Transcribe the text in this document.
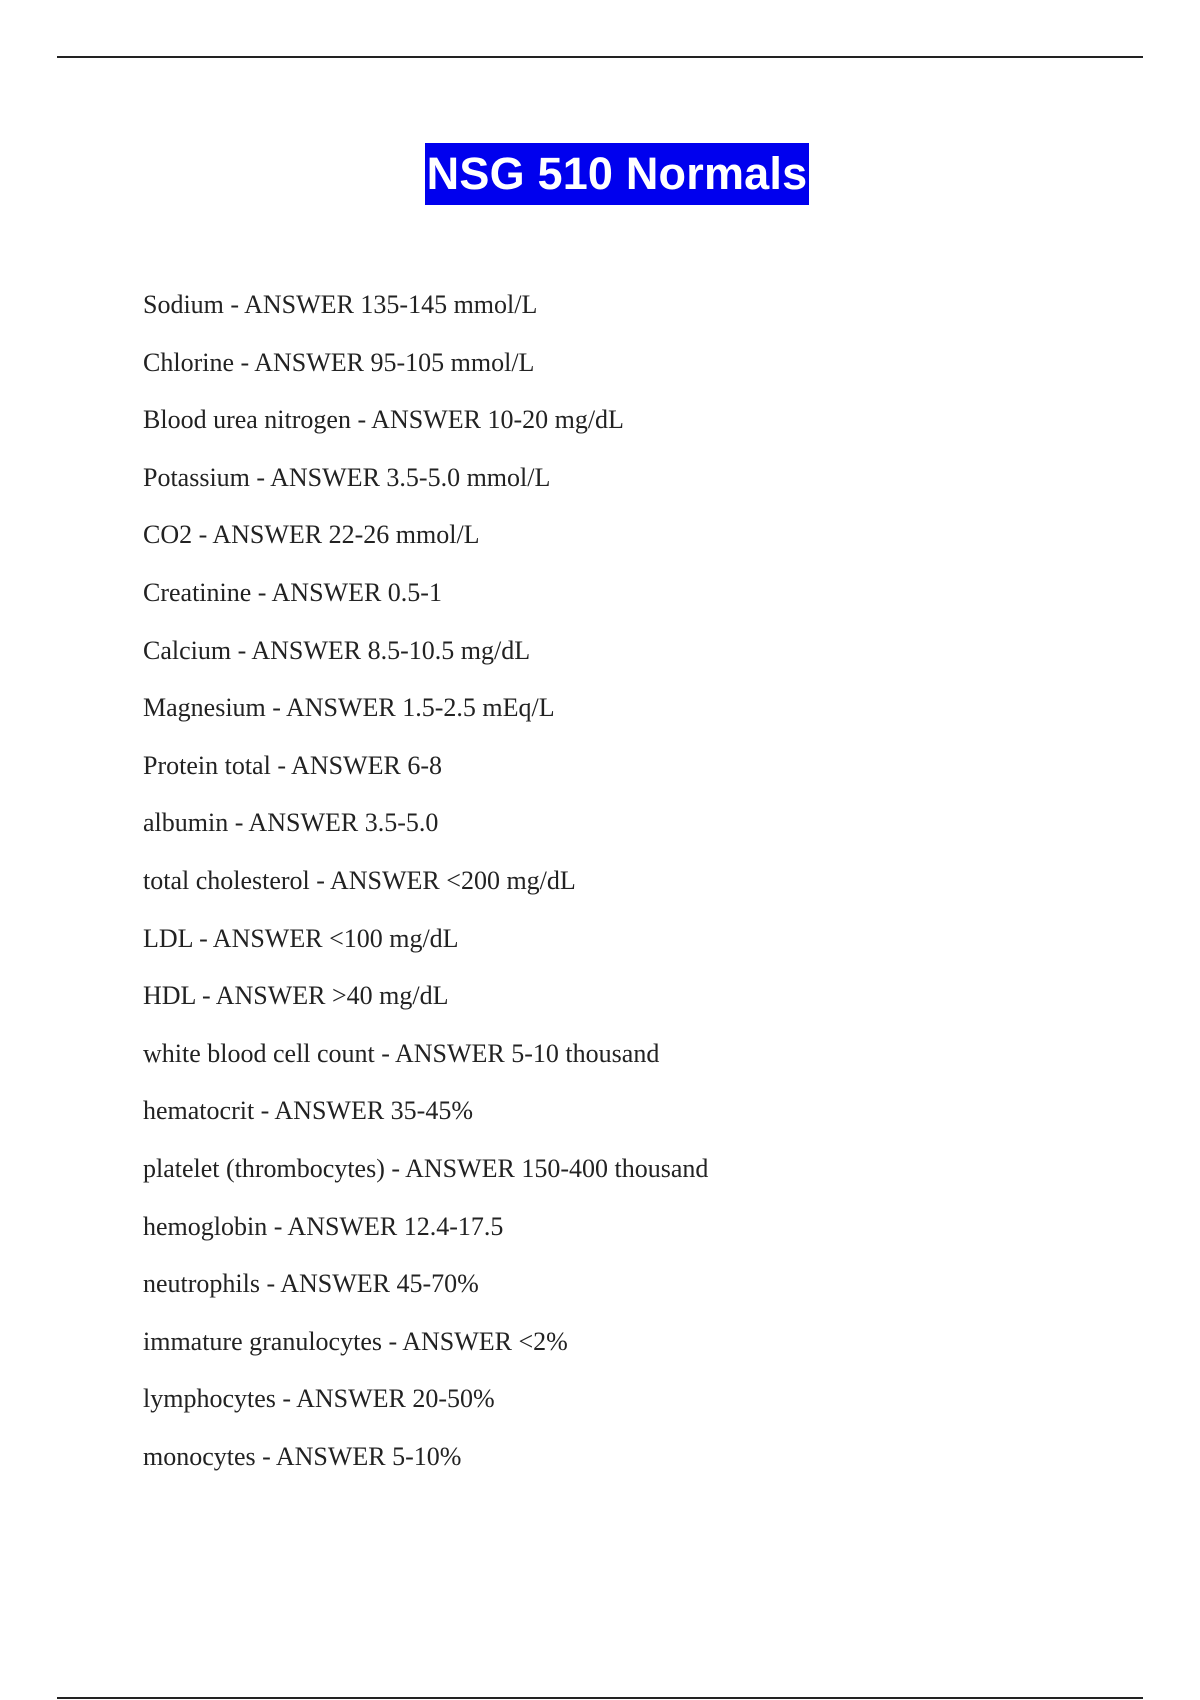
NSG 510 Normals
Sodium - ANSWER 135-145 mmol/L
Chlorine - ANSWER 95-105 mmol/L
Blood urea nitrogen - ANSWER 10-20 mg/dL
Potassium - ANSWER 3.5-5.0 mmol/L
CO2 - ANSWER 22-26 mmol/L
Creatinine - ANSWER 0.5-1
Calcium - ANSWER 8.5-10.5 mg/dL
Magnesium - ANSWER 1.5-2.5 mEq/L
Protein total - ANSWER 6-8
albumin - ANSWER 3.5-5.0
total cholesterol - ANSWER <200 mg/dL
LDL - ANSWER <100 mg/dL
HDL - ANSWER >40 mg/dL
white blood cell count - ANSWER 5-10 thousand
hematocrit - ANSWER 35-45%
platelet (thrombocytes) - ANSWER 150-400 thousand
hemoglobin - ANSWER 12.4-17.5
neutrophils - ANSWER 45-70%
immature granulocytes - ANSWER <2%
lymphocytes - ANSWER 20-50%
monocytes - ANSWER 5-10%
